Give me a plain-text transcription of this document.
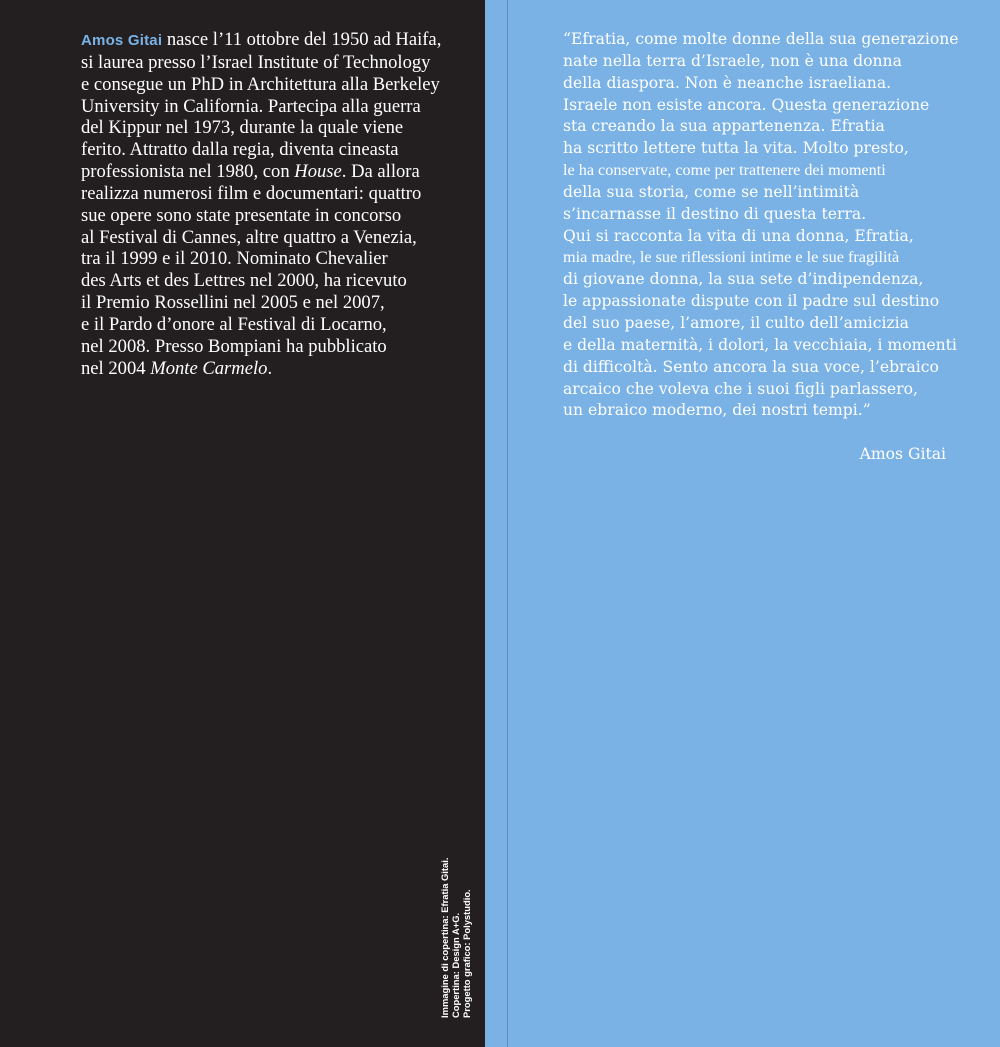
Amos Gitai nasce l’11 ottobre del 1950 ad Haifa,
si laurea presso l’Israel Institute of Technology
e consegue un PhD in Architettura alla Berkeley
University in California. Partecipa alla guerra
del Kippur nel 1973, durante la quale viene
ferito. Attratto dalla regia, diventa cineasta
professionista nel 1980, con House. Da allora
realizza numerosi film e documentari: quattro
sue opere sono state presentate in concorso
al Festival di Cannes, altre quattro a Venezia,
tra il 1999 e il 2010. Nominato Chevalier
des Arts et des Lettres nel 2000, ha ricevuto
il Premio Rossellini nel 2005 e nel 2007,
e il Pardo d’onore al Festival di Locarno,
nel 2008. Presso Bompiani ha pubblicato
nel 2004 Monte Carmelo.
Immagine di copertina: Efratia Gitai. Copertina: Design A+G. Progetto grafico: Polystudio.
“Efratia, come molte donne della sua generazione
nate nella terra d’Israele, non è una donna
della diaspora. Non è neanche israeliana.
Israele non esiste ancora. Questa generazione
sta creando la sua appartenenza. Efratia
ha scritto lettere tutta la vita. Molto presto,
le ha conservate, come per trattenere dei momenti
della sua storia, come se nell’intimità
s’incarnasse il destino di questa terra.
Qui si racconta la vita di una donna, Efratia,
mia madre, le sue riflessioni intime e le sue fragilità
di giovane donna, la sua sete d’indipendenza,
le appassionate dispute con il padre sul destino
del suo paese, l’amore, il culto dell’amicizia
e della maternità, i dolori, la vecchiaia, i momenti
di difficoltà. Sento ancora la sua voce, l’ebraico
arcaico che voleva che i suoi figli parlassero,
un ebraico moderno, dei nostri tempi.”
Amos Gitai
